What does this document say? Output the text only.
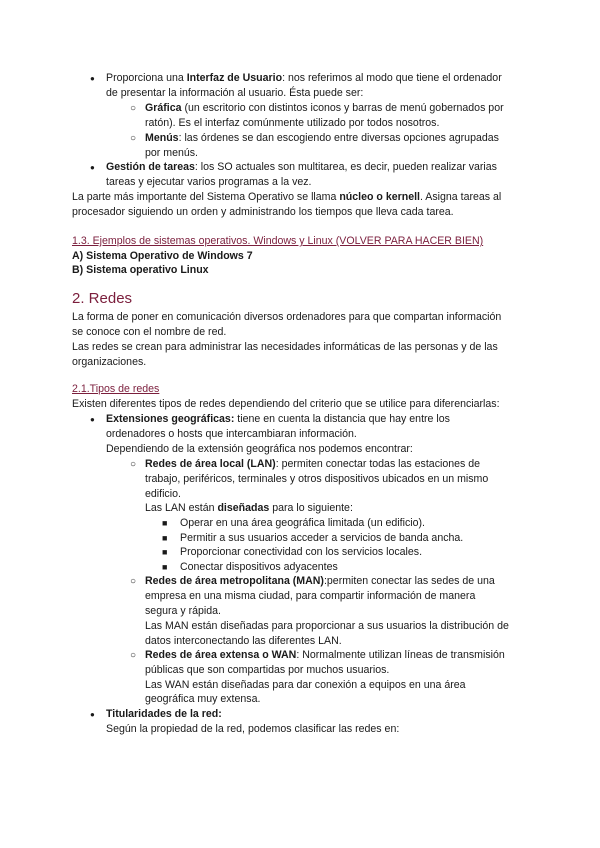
● Proporciona una Interfaz de Usuario: nos referimos al modo que tiene el ordenador
de presentar la información al usuario. Ésta puede ser:
○ Gráfica (un escritorio con distintos iconos y barras de menú gobernados por
ratón). Es el interfaz comúnmente utilizado por todos nosotros.
○ Menús: las órdenes se dan escogiendo entre diversas opciones agrupadas
por menús.
● Gestión de tareas: los SO actuales son multitarea, es decir, pueden realizar varias
tareas y ejecutar varios programas a la vez.
La parte más importante del Sistema Operativo se llama núcleo o kernell. Asigna tareas al
procesador siguiendo un orden y administrando los tiempos que lleva cada tarea.
1.3. Ejemplos de sistemas operativos. Windows y Linux (VOLVER PARA HACER BIEN)
A) Sistema Operativo de Windows 7
B) Sistema operativo Linux
2. Redes
La forma de poner en comunicación diversos ordenadores para que compartan información
se conoce con el nombre de red.
Las redes se crean para administrar las necesidades informáticas de las personas y de las
organizaciones.
2.1.Tipos de redes
Existen diferentes tipos de redes dependiendo del criterio que se utilice para diferenciarlas:
● Extensiones geográficas: tiene en cuenta la distancia que hay entre los
ordenadores o hosts que intercambiaran información.
Dependiendo de la extensión geográfica nos podemos encontrar:
○ Redes de área local (LAN): permiten conectar todas las estaciones de
trabajo, periféricos, terminales y otros dispositivos ubicados en un mismo
edificio.
Las LAN están diseñadas para lo siguiente:
■ Operar en una área geográfica limitada (un edificio).
■ Permitir a sus usuarios acceder a servicios de banda ancha.
■ Proporcionar conectividad con los servicios locales.
■ Conectar dispositivos adyacentes
○ Redes de área metropolitana (MAN):permiten conectar las sedes de una
empresa en una misma ciudad, para compartir información de manera
segura y rápida.
Las MAN están diseñadas para proporcionar a sus usuarios la distribución de
datos interconectando las diferentes LAN.
○ Redes de área extensa o WAN: Normalmente utilizan líneas de transmisión
públicas que son compartidas por muchos usuarios.
Las WAN están diseñadas para dar conexión a equipos en una área
geográfica muy extensa.
● Titularidades de la red:
Según la propiedad de la red, podemos clasificar las redes en:
